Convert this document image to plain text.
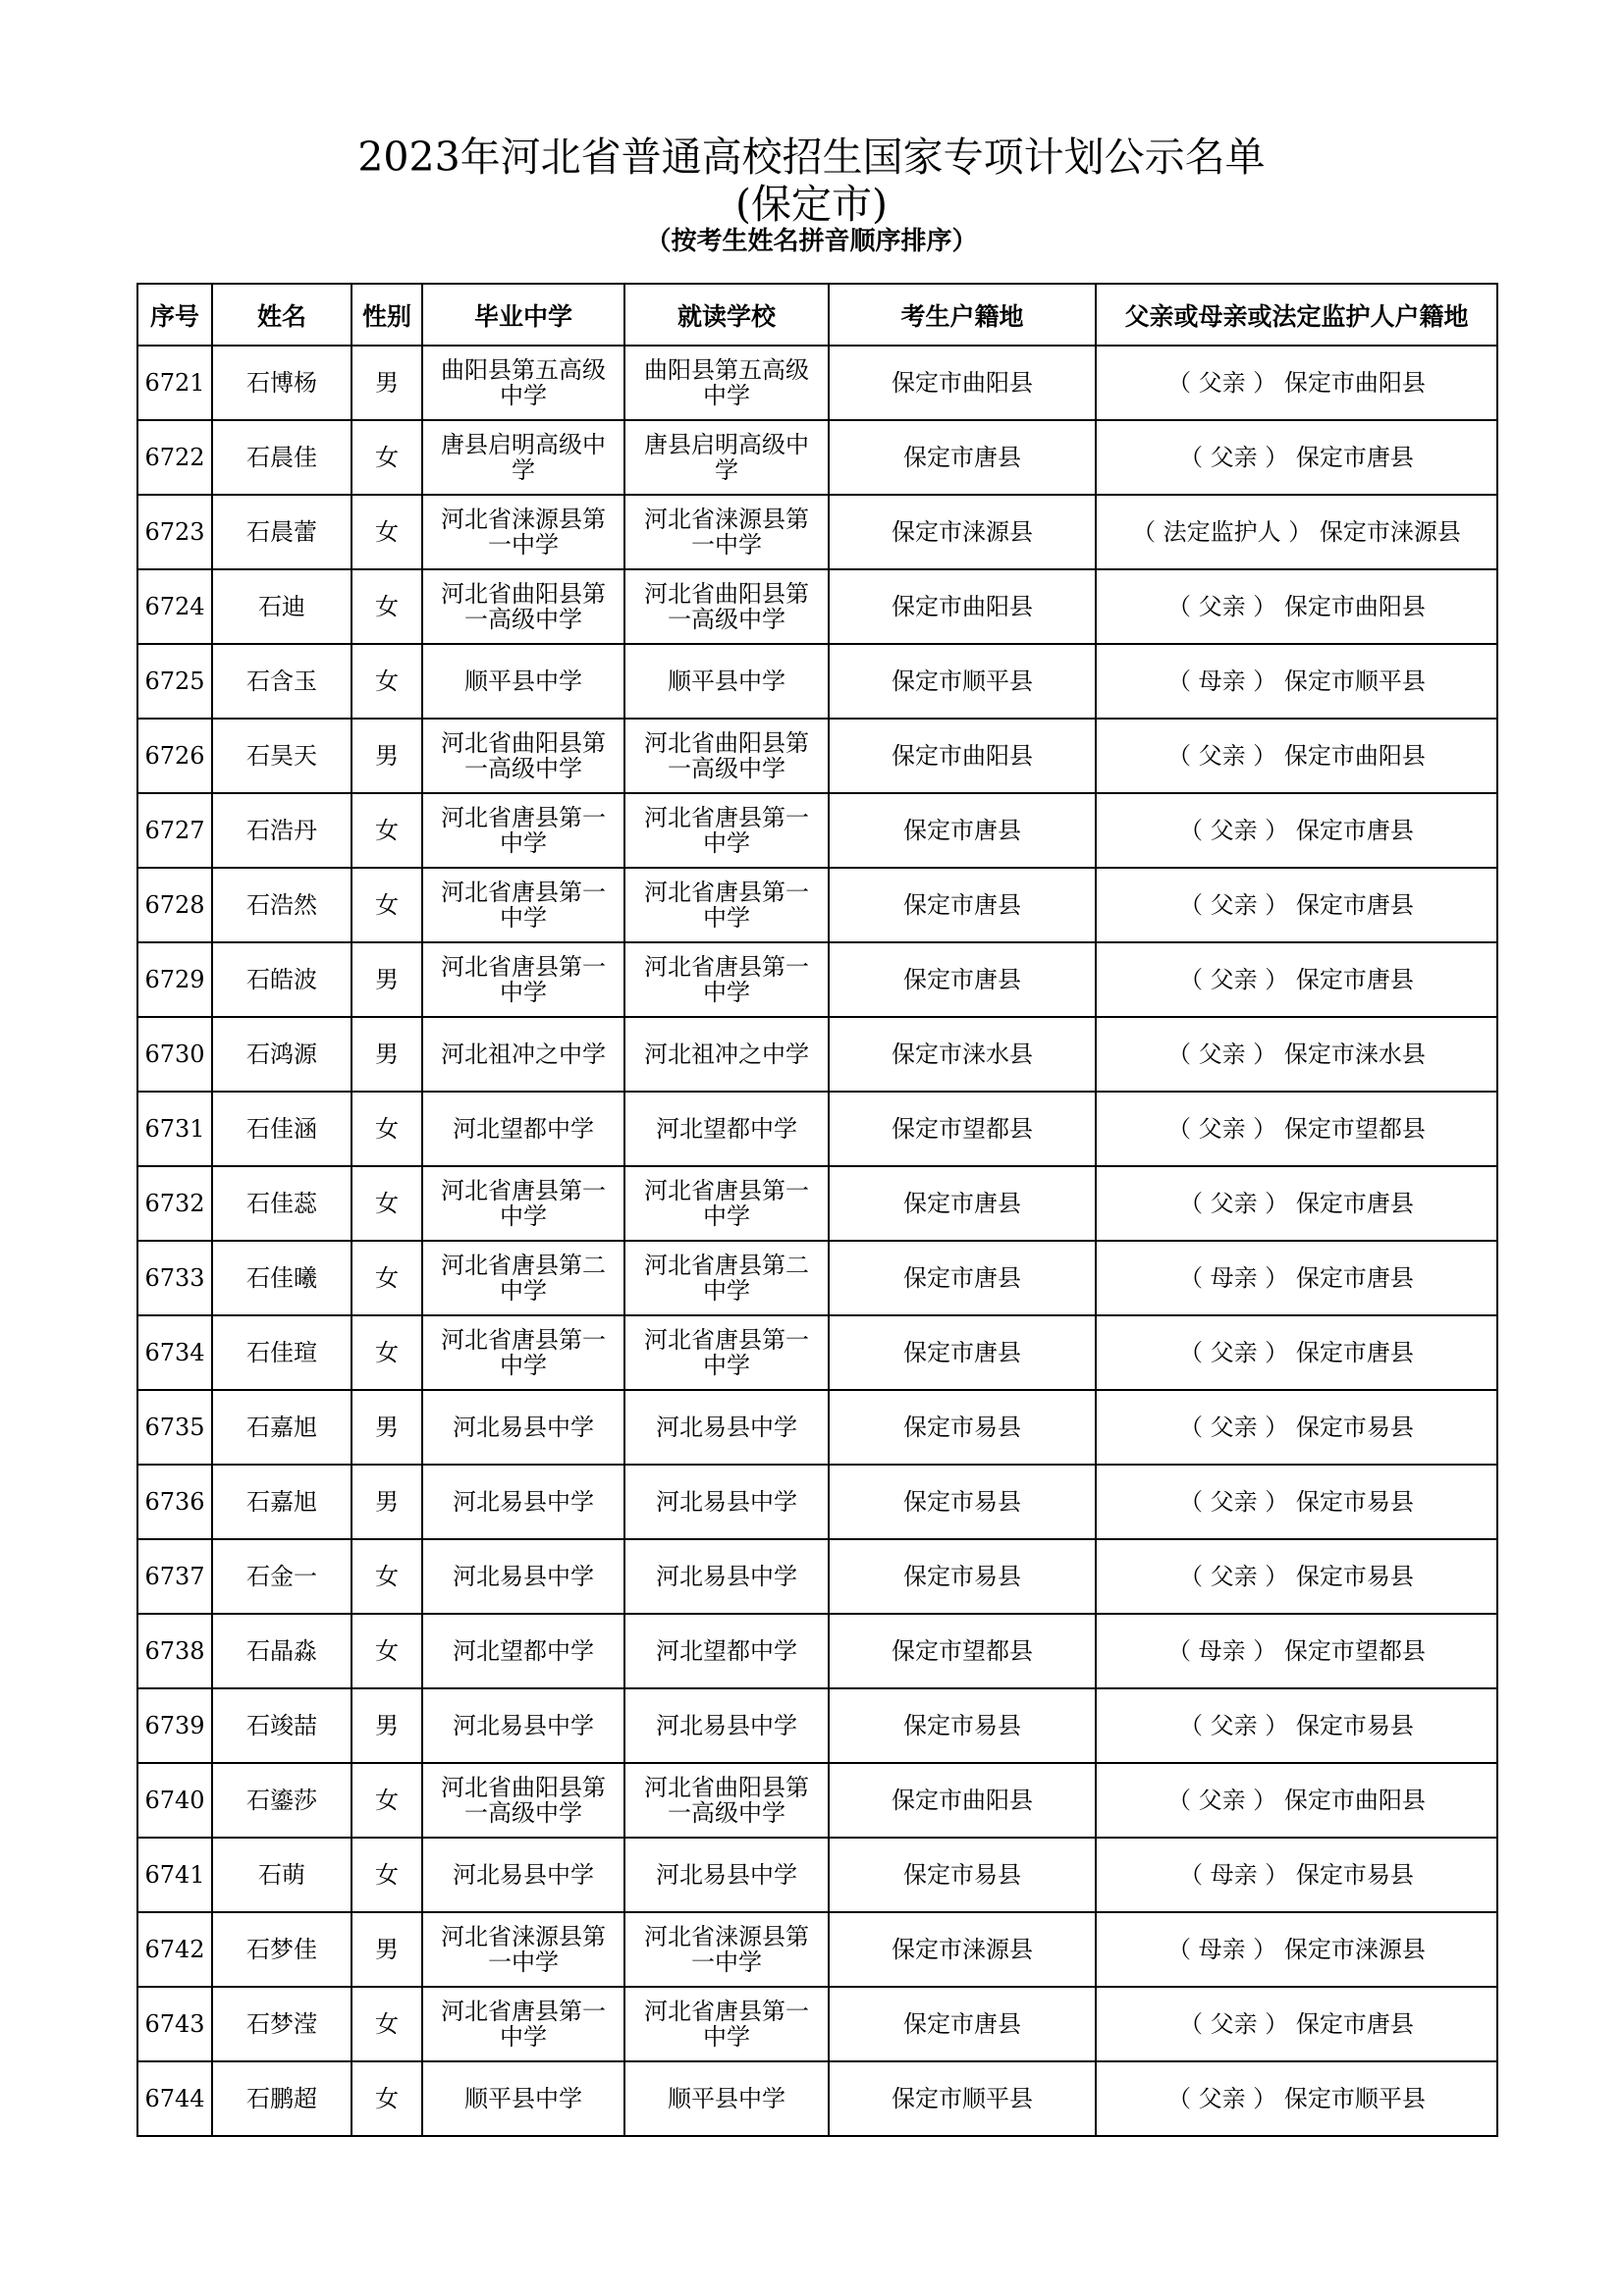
2023年河北省普通高校招生国家专项计划公示名单
(保定市)
（按考生姓名拼音顺序排序）
序号	姓名	性别	毕业中学	就读学校	考生户籍地	父亲或母亲或法定监护人户籍地
6721	石博杨	男	曲阳县第五高级中学	曲阳县第五高级中学	保定市曲阳县	（ 父亲 ） 保定市曲阳县
6722	石晨佳	女	唐县启明高级中学	唐县启明高级中学	保定市唐县	（ 父亲 ） 保定市唐县
6723	石晨蕾	女	河北省涞源县第一中学	河北省涞源县第一中学	保定市涞源县	（ 法定监护人 ） 保定市涞源县
6724	石迪	女	河北省曲阳县第一高级中学	河北省曲阳县第一高级中学	保定市曲阳县	（ 父亲 ） 保定市曲阳县
6725	石含玉	女	顺平县中学	顺平县中学	保定市顺平县	（ 母亲 ） 保定市顺平县
6726	石昊天	男	河北省曲阳县第一高级中学	河北省曲阳县第一高级中学	保定市曲阳县	（ 父亲 ） 保定市曲阳县
6727	石浩丹	女	河北省唐县第一中学	河北省唐县第一中学	保定市唐县	（ 父亲 ） 保定市唐县
6728	石浩然	女	河北省唐县第一中学	河北省唐县第一中学	保定市唐县	（ 父亲 ） 保定市唐县
6729	石皓波	男	河北省唐县第一中学	河北省唐县第一中学	保定市唐县	（ 父亲 ） 保定市唐县
6730	石鸿源	男	河北祖冲之中学	河北祖冲之中学	保定市涞水县	（ 父亲 ） 保定市涞水县
6731	石佳涵	女	河北望都中学	河北望都中学	保定市望都县	（ 父亲 ） 保定市望都县
6732	石佳蕊	女	河北省唐县第一中学	河北省唐县第一中学	保定市唐县	（ 父亲 ） 保定市唐县
6733	石佳曦	女	河北省唐县第二中学	河北省唐县第二中学	保定市唐县	（ 母亲 ） 保定市唐县
6734	石佳瑄	女	河北省唐县第一中学	河北省唐县第一中学	保定市唐县	（ 父亲 ） 保定市唐县
6735	石嘉旭	男	河北易县中学	河北易县中学	保定市易县	（ 父亲 ） 保定市易县
6736	石嘉旭	男	河北易县中学	河北易县中学	保定市易县	（ 父亲 ） 保定市易县
6737	石金一	女	河北易县中学	河北易县中学	保定市易县	（ 父亲 ） 保定市易县
6738	石晶淼	女	河北望都中学	河北望都中学	保定市望都县	（ 母亲 ） 保定市望都县
6739	石竣喆	男	河北易县中学	河北易县中学	保定市易县	（ 父亲 ） 保定市易县
6740	石鎏莎	女	河北省曲阳县第一高级中学	河北省曲阳县第一高级中学	保定市曲阳县	（ 父亲 ） 保定市曲阳县
6741	石萌	女	河北易县中学	河北易县中学	保定市易县	（ 母亲 ） 保定市易县
6742	石梦佳	男	河北省涞源县第一中学	河北省涞源县第一中学	保定市涞源县	（ 母亲 ） 保定市涞源县
6743	石梦滢	女	河北省唐县第一中学	河北省唐县第一中学	保定市唐县	（ 父亲 ） 保定市唐县
6744	石鹏超	女	顺平县中学	顺平县中学	保定市顺平县	（ 父亲 ） 保定市顺平县
